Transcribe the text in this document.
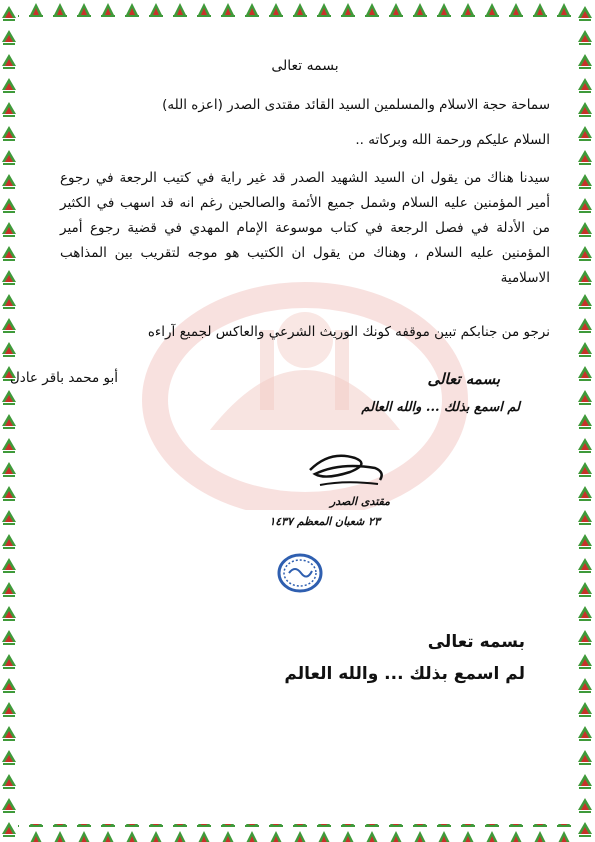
بسمه تعالى
سماحة حجة الاسلام والمسلمين السيد القائد مقتدى الصدر (اعزه الله)
السلام عليكم ورحمة الله وبركاته ..
سيدنا هناك من يقول ان السيد الشهيد الصدر قد غير راية في كتيب الرجعة في رجوع أمير المؤمنين عليه السلام وشمل جميع الأئمة والصالحين رغم انه قد اسهب في الكثير من الأدلة في فصل الرجعة في كتاب موسوعة الإمام المهدي في قضية رجوع أمير المؤمنين عليه السلام ، وهناك من يقول ان الكتيب هو موجه لتقريب بين المذاهب الاسلامية
نرجو من جنابكم تبين موقفه كونك الوريث الشرعي والعاكس لجميع آراءه
أبو محمد باقر عادل	بسمه تعالى
لم اسمع بذلك ... والله العالم
مقتدى الصدر
٢٣ شعبان المعظم ١٤٣٧
بسمه تعالى
لم اسمع بذلك ... والله العالم
